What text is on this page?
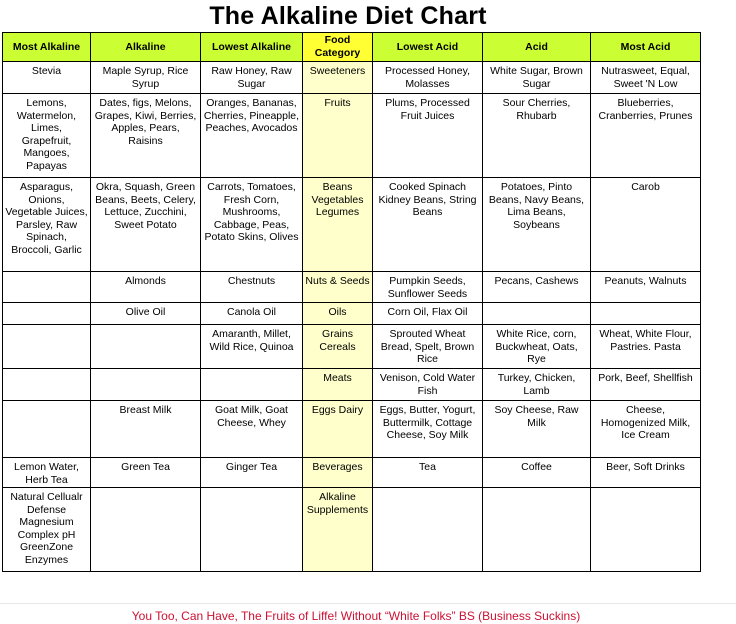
The Alkaline Diet Chart
Most Alkaline	Alkaline	Lowest Alkaline	Food Category	Lowest Acid	Acid	Most Acid
Stevia	Maple Syrup, Rice Syrup	Raw Honey, Raw Sugar	Sweeteners	Processed Honey, Molasses	White Sugar, Brown Sugar	Nutrasweet, Equal, Sweet 'N Low
Lemons, Watermelon, Limes, Grapefruit, Mangoes, Papayas	Dates, figs, Melons, Grapes, Kiwi, Berries, Apples, Pears, Raisins	Oranges, Bananas, Cherries, Pineapple, Peaches, Avocados	Fruits	Plums, Processed Fruit Juices	Sour Cherries, Rhubarb	Blueberries, Cranberries, Prunes
Asparagus, Onions, Vegetable Juices, Parsley, Raw Spinach, Broccoli, Garlic	Okra, Squash, Green Beans, Beets, Celery, Lettuce, Zucchini, Sweet Potato	Carrots, Tomatoes, Fresh Corn, Mushrooms, Cabbage, Peas, Potato Skins, Olives	Beans Vegetables Legumes	Cooked Spinach Kidney Beans, String Beans	Potatoes, Pinto Beans, Navy Beans, Lima Beans, Soybeans	Carob
	Almonds	Chestnuts	Nuts & Seeds	Pumpkin Seeds, Sunflower Seeds	Pecans, Cashews	Peanuts, Walnuts
	Olive Oil	Canola Oil	Oils	Corn Oil, Flax Oil		
		Amaranth, Millet, Wild Rice, Quinoa	Grains Cereals	Sprouted Wheat Bread, Spelt, Brown Rice	White Rice, corn, Buckwheat, Oats, Rye	Wheat, White Flour, Pastries. Pasta
			Meats	Venison, Cold Water Fish	Turkey, Chicken, Lamb	Pork, Beef, Shellfish
	Breast Milk	Goat Milk, Goat Cheese, Whey	Eggs Dairy	Eggs, Butter, Yogurt, Buttermilk, Cottage Cheese, Soy Milk	Soy Cheese, Raw Milk	Cheese, Homogenized Milk, Ice Cream
Lemon Water, Herb Tea	Green Tea	Ginger Tea	Beverages	Tea	Coffee	Beer, Soft Drinks
Natural Cellualr Defense Magnesium Complex pH GreenZone Enzymes			Alkaline Supplements			
You Too, Can Have, The Fruits of Liffe! Without “White Folks” BS (Business Suckins)
